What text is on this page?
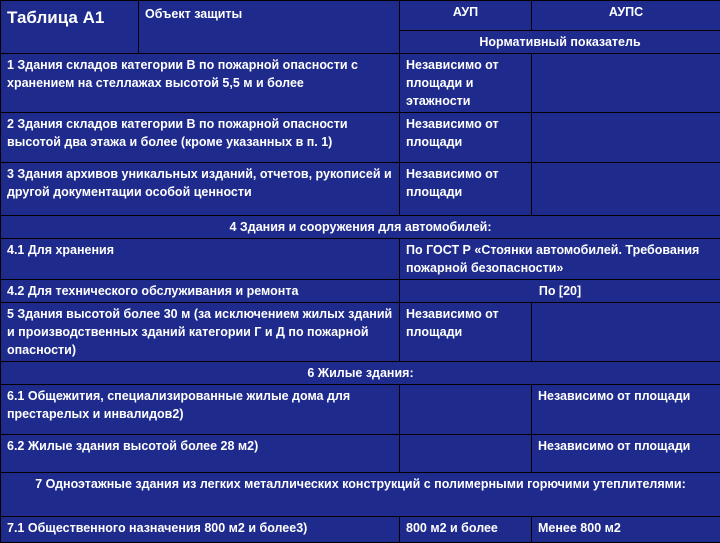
Таблица А1	Объект защиты	АУП	АУПС
		Нормативный показатель	
1 Здания складов категории В по пожарной опасности с хранением на стеллажах высотой 5,5 м и более		Независимо от площади и этажности	
2 Здания складов категории В по пожарной опасности высотой два этажа и более (кроме указанных в п. 1)		Независимо от площади	
3 Здания архивов уникальных изданий, отчетов, рукописей и другой документации особой ценности		Независимо от площади	
4 Здания и сооружения для автомобилей:			
4.1 Для хранения		По ГОСТ Р «Стоянки автомобилей. Требования пожарной безопасности»	
4.2 Для технического обслуживания и ремонта		По [20]	
5 Здания высотой более 30 м (за исключением жилых зданий и производственных зданий категории Г и Д по пожарной опасности)		Независимо от площади	
6 Жилые здания:			
6.1 Общежития, специализированные жилые дома для престарелых и инвалидов2)			Независимо от площади
6.2 Жилые здания высотой более 28 м2)			Независимо от площади
7 Одноэтажные здания из легких металлических конструкций с полимерными горючими утеплителями:			
7.1 Общественного назначения 800 м2 и более3)		800 м2 и более	Менее 800 м2
